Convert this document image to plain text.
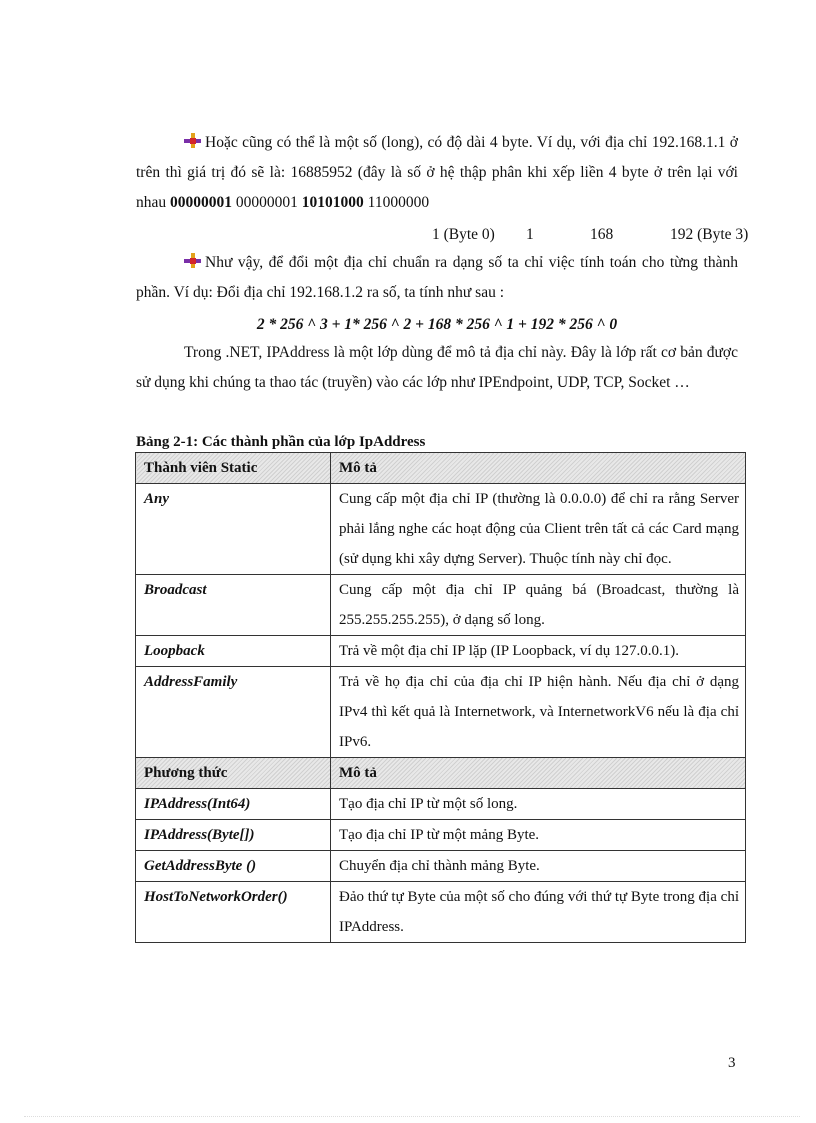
Hoặc cũng có thể là một số (long), có độ dài 4 byte. Ví dụ, với địa chỉ 192.168.1.1 ở trên thì giá trị đó sẽ là: 16885952 (đây là số ở hệ thập phân khi xếp liền 4 byte ở trên lại với nhau 00000001 00000001 10101000 11000000
1 (Byte 0) 1	168	192 (Byte 3)
Như vậy, để đổi một địa chỉ chuẩn ra dạng số ta chỉ việc tính toán cho từng thành phần. Ví dụ: Đổi địa chỉ 192.168.1.2 ra số, ta tính như sau :
2 * 256 ^ 3 + 1* 256 ^ 2 + 168 * 256 ^ 1 + 192 * 256 ^ 0
Trong .NET, IPAddress là một lớp dùng để mô tả địa chỉ này. Đây là lớp rất cơ bản được sử dụng khi chúng ta thao tác (truyền) vào các lớp như IPEndpoint, UDP, TCP, Socket …
Bảng 2-1: Các thành phần của lớp IpAddress
Thành viên Static	Mô tả
Any	Cung cấp một địa chỉ IP (thường là 0.0.0.0) để chỉ ra rằng Server phải lắng nghe các hoạt động của Client trên tất cả các Card mạng (sử dụng khi xây dựng Server). Thuộc tính này chỉ đọc.
Broadcast	Cung cấp một địa chỉ IP quảng bá (Broadcast, thường là 255.255.255.255), ở dạng số long.
Loopback	Trả về một địa chỉ IP lặp (IP Loopback, ví dụ 127.0.0.1).
AddressFamily	Trả về họ địa chỉ của địa chỉ IP hiện hành. Nếu địa chỉ ở dạng IPv4 thì kết quả là Internetwork, và InternetworkV6 nếu là địa chỉ IPv6.
Phương thức	Mô tả
IPAddress(Int64)	Tạo địa chỉ IP từ một số long.
IPAddress(Byte[])	Tạo địa chỉ IP từ một mảng Byte.
GetAddressByte ()	Chuyển địa chỉ thành mảng Byte.
HostToNetworkOrder()	Đảo thứ tự Byte của một số cho đúng với thứ tự Byte trong địa chỉ IPAddress.
3
